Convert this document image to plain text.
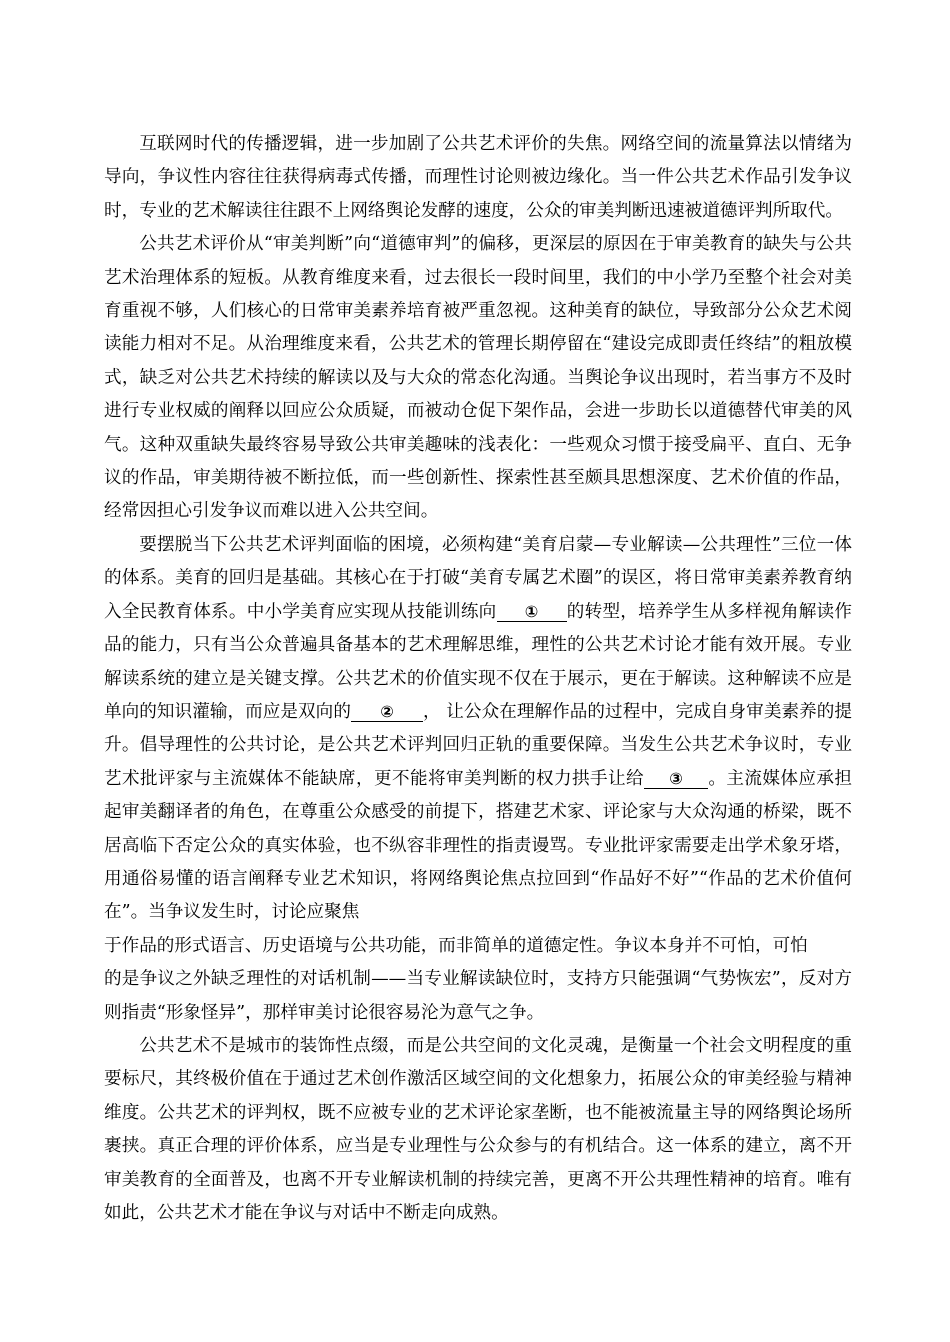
互联网时代的传播逻辑，进一步加剧了公共艺术评价的失焦。网络空间的流量算法以情绪为导向，争议性内容往往获得病毒式传播，而理性讨论则被边缘化。当一件公共艺术作品引发争议时，专业的艺术解读往往跟不上网络舆论发酵的速度，公众的审美判断迅速被道德评判所取代。

公共艺术评价从“审美判断”向“道德审判”的偏移，更深层的原因在于审美教育的缺失与公共艺术治理体系的短板。从教育维度来看，过去很长一段时间里，我们的中小学乃至整个社会对美育重视不够，人们核心的日常审美素养培育被严重忽视。这种美育的缺位，导致部分公众艺术阅读能力相对不足。从治理维度来看，公共艺术的管理长期停留在“建设完成即责任终结”的粗放模式，缺乏对公共艺术持续的解读以及与大众的常态化沟通。当舆论争议出现时，若当事方不及时进行专业权威的阐释以回应公众质疑，而被动仓促下架作品，会进一步助长以道德替代审美的风气。这种双重缺失最终容易导致公共审美趣味的浅表化：一些观众习惯于接受扁平、直白、无争议的作品，审美期待被不断拉低，而一些创新性、探索性甚至颇具思想深度、艺术价值的作品，经常因担心引发争议而难以进入公共空间。

要摆脱当下公共艺术评判面临的困境，必须构建“美育启蒙—专业解读—公共理性”三位一体的体系。美育的回归是基础。其核心在于打破“美育专属艺术圈”的误区，将日常审美素养教育纳入全民教育体系。中小学美育应实现从技能训练向 ① 的转型，培养学生从多样视角解读作品的能力，只有当公众普遍具备基本的艺术理解思维，理性的公共艺术讨论才能有效开展。专业解读系统的建立是关键支撑。公共艺术的价值实现不仅在于展示，更在于解读。这种解读不应是单向的知识灌输，而应是双向的 ② ， 让公众在理解作品的过程中，完成自身审美素养的提升。倡导理性的公共讨论，是公共艺术评判回归正轨的重要保障。当发生公共艺术争议时，专业艺术批评家与主流媒体不能缺席，更不能将审美判断的权力拱手让给 ③ 。主流媒体应承担起审美翻译者的角色，在尊重公众感受的前提下，搭建艺术家、评论家与大众沟通的桥梁，既不居高临下否定公众的真实体验，也不纵容非理性的指责谩骂。专业批评家需要走出学术象牙塔，用通俗易懂的语言阐释专业艺术知识，将网络舆论焦点拉回到“作品好不好”“作品的艺术价值何在”。当争议发生时，讨论应聚焦

于作品的形式语言、历史语境与公共功能，而非简单的道德定性。争议本身并不可怕，可怕

的是争议之外缺乏理性的对话机制——当专业解读缺位时，支持方只能强调“气势恢宏”，反对方则指责“形象怪异”，那样审美讨论很容易沦为意气之争。

公共艺术不是城市的装饰性点缀，而是公共空间的文化灵魂，是衡量一个社会文明程度的重要标尺，其终极价值在于通过艺术创作激活区域空间的文化想象力，拓展公众的审美经验与精神维度。公共艺术的评判权，既不应被专业的艺术评论家垄断，也不能被流量主导的网络舆论场所裹挟。真正合理的评价体系，应当是专业理性与公众参与的有机结合。这一体系的建立，离不开审美教育的全面普及，也离不开专业解读机制的持续完善，更离不开公共理性精神的培育。唯有如此，公共艺术才能在争议与对话中不断走向成熟。
